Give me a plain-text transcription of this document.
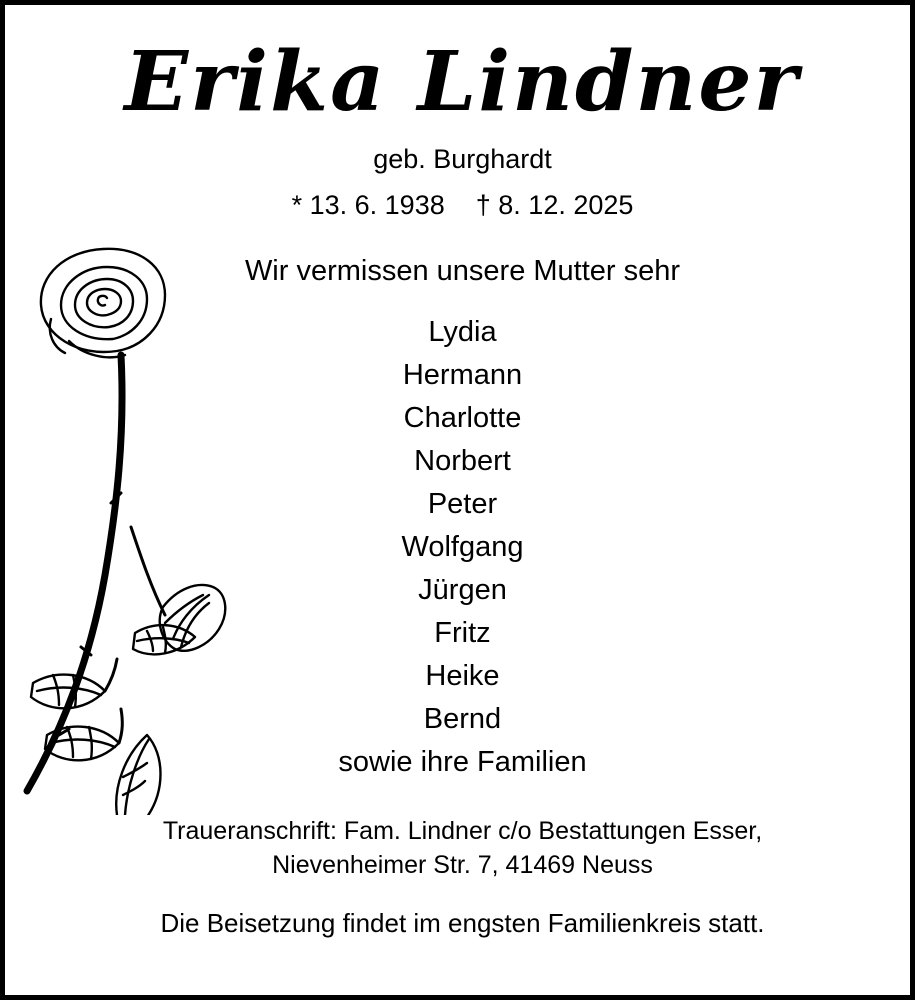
Erika Lindner
geb. Burghardt
* 13. 6. 1938 † 8. 12. 2025
Wir vermissen unsere Mutter sehr
Lydia
Hermann
Charlotte
Norbert
Peter
Wolfgang
Jürgen
Fritz
Heike
Bernd
sowie ihre Familien
Traueranschrift: Fam. Lindner c/o Bestattungen Esser,
Nievenheimer Str. 7, 41469 Neuss
Die Beisetzung findet im engsten Familienkreis statt.
